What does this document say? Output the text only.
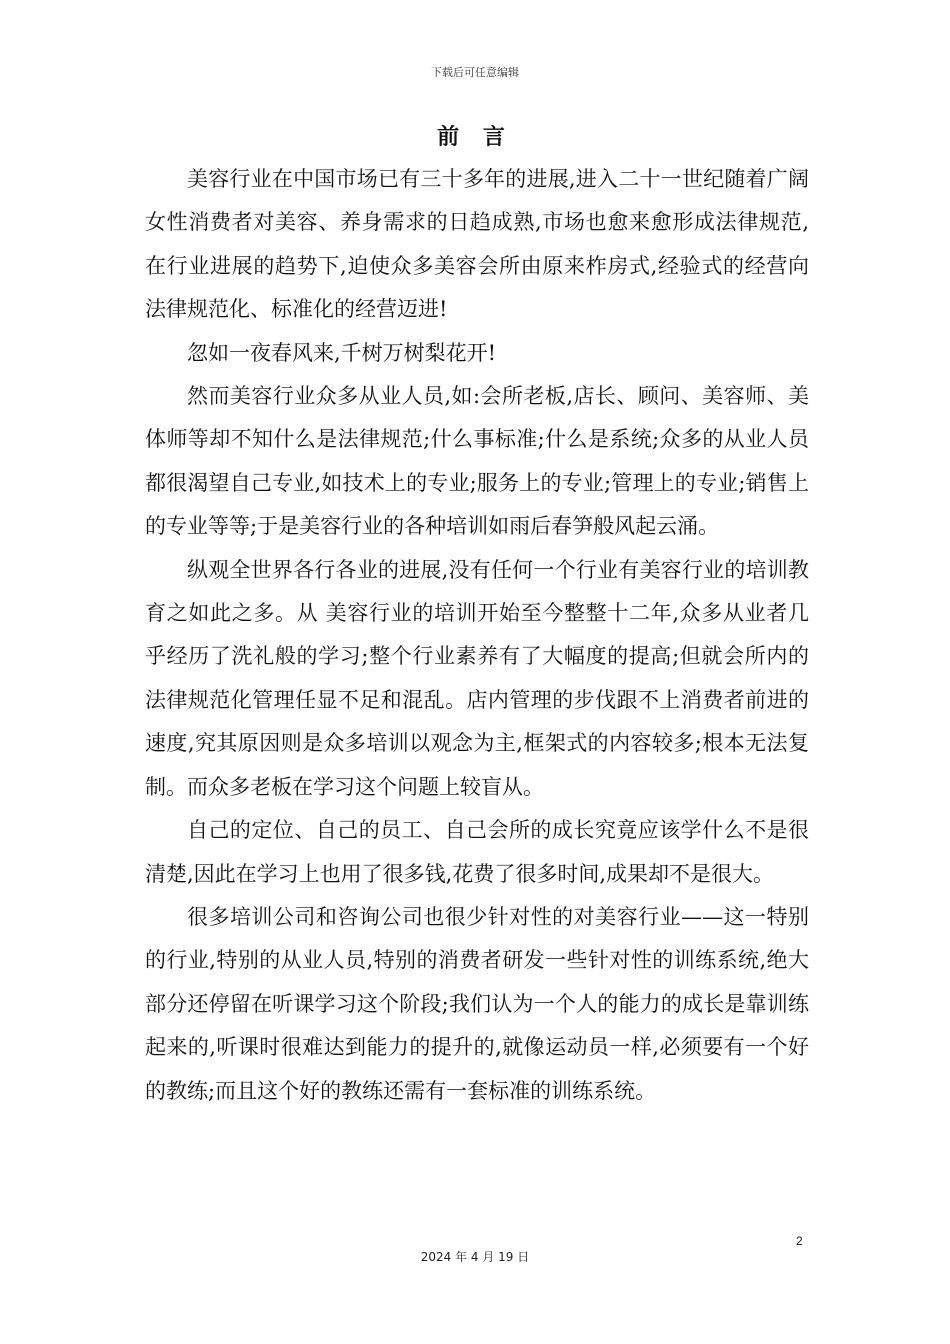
下载后可任意编辑
前 言

美容行业在中国市场已有三十多年的进展,进入二十一世纪随着广阔女性消费者对美容、养身需求的日趋成熟,市场也愈来愈形成法律规范,在行业进展的趋势下,迫使众多美容会所由原来柞房式,经验式的经营向法律规范化、标准化的经营迈进!

忽如一夜春风来,千树万树梨花开!

然而美容行业众多从业人员,如:会所老板,店长、顾问、美容师、美体师等却不知什么是法律规范;什么事标准;什么是系统;众多的从业人员都很渴望自己专业,如技术上的专业;服务上的专业;管理上的专业;销售上的专业等等;于是美容行业的各种培训如雨后春笋般风起云涌。

纵观全世界各行各业的进展,没有任何一个行业有美容行业的培训教育之如此之多。从 美容行业的培训开始至今整整十二年,众多从业者几乎经历了洗礼般的学习;整个行业素养有了大幅度的提高;但就会所内的法律规范化管理任显不足和混乱。店内管理的步伐跟不上消费者前进的速度,究其原因则是众多培训以观念为主,框架式的内容较多;根本无法复制。而众多老板在学习这个问题上较盲从。

自己的定位、自己的员工、自己会所的成长究竟应该学什么不是很清楚,因此在学习上也用了很多钱,花费了很多时间,成果却不是很大。

很多培训公司和咨询公司也很少针对性的对美容行业——这一特别的行业,特别的从业人员,特别的消费者研发一些针对性的训练系统,绝大部分还停留在听课学习这个阶段;我们认为一个人的能力的成长是靠训练起来的,听课时很难达到能力的提升的,就像运动员一样,必须要有一个好的教练;而且这个好的教练还需有一套标准的训练系统。

2
2024 年 4 月 19 日
